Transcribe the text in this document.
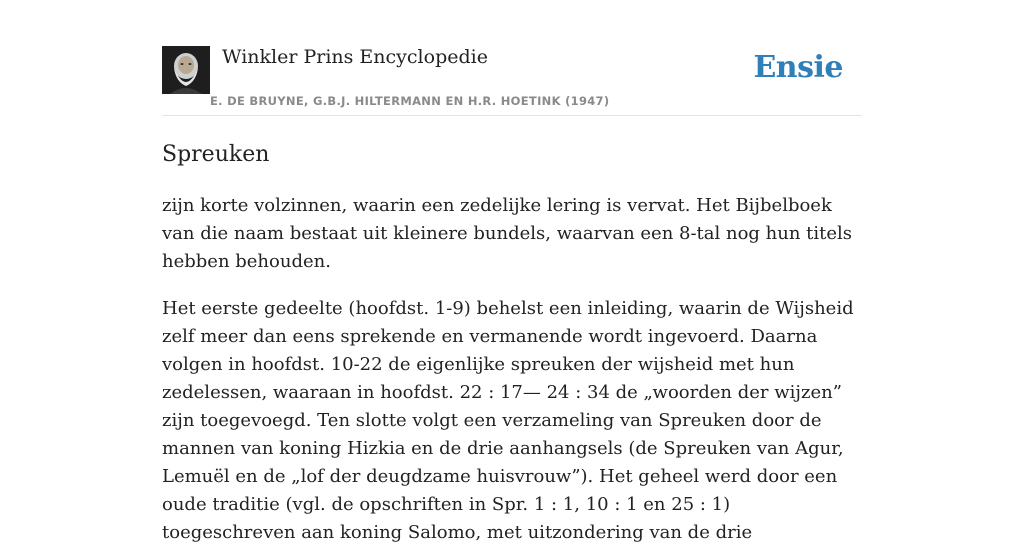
Winkler Prins Encyclopedie
E. DE BRUYNE, G.B.J. HILTERMANN EN H.R. HOETINK (1947)
Ensie
Spreuken

zijn korte volzinnen, waarin een zedelijke lering is vervat. Het Bijbelboek van die naam bestaat uit kleinere bundels, waarvan een 8-tal nog hun titels hebben behouden.

Het eerste gedeelte (hoofdst. 1-9) behelst een inleiding, waarin de Wijsheid zelf meer dan eens sprekende en vermanende wordt ingevoerd. Daarna volgen in hoofdst. 10-22 de eigenlijke spreuken der wijsheid met hun zedelessen, waaraan in hoofdst. 22 : 17— 24 : 34 de „woorden der wijzen” zijn toegevoegd. Ten slotte volgt een verzameling van Spreuken door de mannen van koning Hizkia en de drie aanhangsels (de Spreuken van Agur, Lemuël en de „lof der deugdzame huisvrouw”). Het geheel werd door een oude traditie (vgl. de opschriften in Spr. 1 : 1, 10 : 1 en 25 : 1) toegeschreven aan koning Salomo, met uitzondering van de drie
